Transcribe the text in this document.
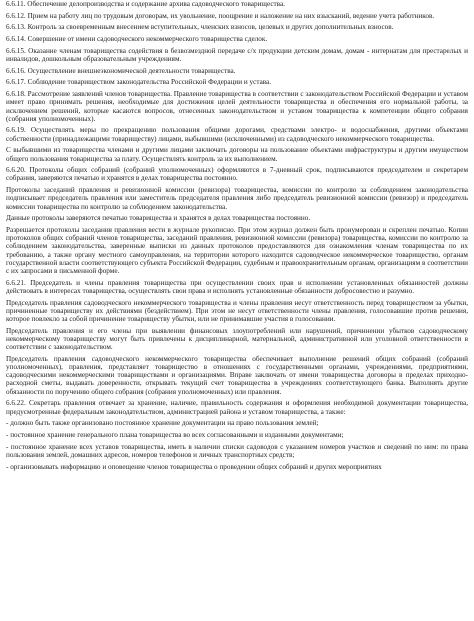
6.6.11. Обеспечение делопроизводства и содержание архива садоводческого товарищества.

6.6.12. Прием на работу лиц по трудовым договорам, их увольнение, поощрение и наложение на них взысканий, ведение учета работников.

6.6.13. Контроль за своевременным внесением вступительных, членских взносов, целевых и других дополнительных взносов.

6.6.14. Совершение от имени садоводческого некоммерческого товарищества сделок.

6.6.15. Оказание членам товарищества содействия в безвозмездной передаче с/х продукции детским домам, домам - интернатам для престарелых и инвалидов, дошкольным образовательным учреждениям.

6.6.16. Осуществление внешнеэкономической деятельности товарищества.

6.6.17. Соблюдение товариществом законодательства Российской Федерации и устава.

6.6.18. Рассмотрение заявлений членов товарищества. Правление товарищества в соответствии с законодательством Российской Федерации и уставом имеет право принимать решения, необходимые для достижения целей деятельности товарищества и обеспечения его нормальной работы, за исключением решений, которые касаются вопросов, отнесенных законодательством и уставом товарищества к компетенции общего собрания (собрания уполномоченных).

6.6.19. Осуществлять меры по прекращению пользования общими дорогами, средствами электро- и водоснабжения, другими объектами собственности (принадлежащими товариществу) лицами, выбывшими (исключенными) из садоводческого некоммерческого товарищества.

С выбывшими из товарищества членами и другими лицами заключать договоры на пользование объектами инфраструктуры и другим имуществом общего пользования товарищества за плату. Осуществлять контроль за их выполнением.

6.6.20. Протоколы общих собраний (собраний уполномоченных) оформляются в 7-дневный срок, подписываются председателем и секретарем собрания, заверяются печатью и хранятся в делах товарищества постоянно.

Протоколы заседаний правления и ревизионной комиссии (ревизора) товарищества, комиссии по контролю за соблюдением законодательства подписывает председатель правления или заместитель председателя правления либо председатель ревизионной комиссии (ревизор) и председатель комиссии товарищества по контролю за соблюдением законодательства.

Данные протоколы заверяются печатью товарищества и хранятся в делах товарищества постоянно.

Разрешается протоколы заседания правления вести в журнале рукописно. При этом журнал должен быть пронумерован и скреплен печатью. Копии протоколов общих собраний членов товарищества, заседаний правления, ревизионной комиссии (ревизора) товарищества, комиссии по контролю за соблюдением законодательства, заверенные выписки из данных протоколов предоставляются для ознакомления членам товарищества по их требованию, а также органу местного самоуправления, на территории которого находится садоводческое некоммерческое товарищество, органам государственной власти соответствующего субъекта Российской Федерации, судебным и правоохранительным органам, организациям в соответствии с их запросами в письменной форме.

6.6.21. Председатель и члены правления товарищества при осуществлении своих прав и исполнении установленных обязанностей должны действовать в интересах товарищества, осуществлять свои права и исполнять установленные обязанности добросовестно и разумно.

Председатель правления садоводческого некоммерческого товарищества и члены правления несут ответственность перед товариществом за убытки, причиненные товариществу их действиями (бездействием). При этом не несут ответственности члены правления, голосовавшие против решения, которое повлекло за собой причинение товариществу убытки, или не принимавшие участия в голосовании.

Председатель правления и его члены при выявлении финансовых злоупотреблений или нарушений, причинении убытков садоводческому некоммерческому товариществу могут быть привлечены к дисциплинарной, материальной, административной или уголовной ответственности в соответствии с законодательством.

Председатель правления садоводческого некоммерческого товарищества обеспечивает выполнение решений общих собраний (собраний уполномоченных), правления, представляет товарищество в отношениях с государственными органами, учреждениями, предприятиями, садоводческими некоммерческими товариществами и организациями. Вправе заключать от имени товарищества договоры в пределах приходно-расходной сметы, выдавать доверенности, открывать текущий счет товарищества в учреждениях соответствующего банка. Выполнять другие обязанности по поручению общего собрания (собрания уполномоченных) или правления.

6.6.22. Секретарь правления отвечает за хранение, наличие, правильность содержания и оформления необходимой документации товарищества, предусмотренные федеральным законодательством, администрацией района и уставом товарищества, а также:

- должно быть также организовано постоянное хранение документации на право пользования землей;

- постоянное хранение генерального плана товарищества во всех согласованными и изданными документами;

- постоянное хранение всех уставов товарищества, иметь в наличии списки садоводов с указанием номеров участков и сведений по ним: по права пользования землей, домашних адресов, номеров телефонов и личных транспортных средств;

- организовывать информацию и оповещение членов товарищества о проведении общих собраний и других мероприятиях
